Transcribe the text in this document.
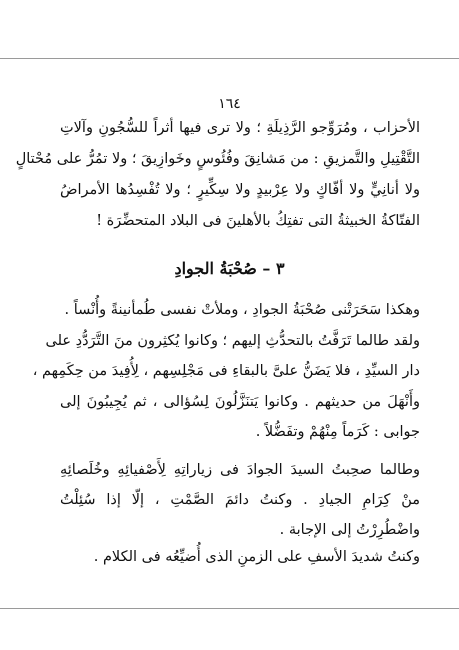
١٦٤
الأحزاب ، ومُرَوِّجو الرَّذِيلَةِ ؛ ولا ترى فيها أثراً للسُّجُونِ وآلاتِ
التَّقْتِيلِ والتَّمزيقِ : من مَشانِقَ وفُئُوسٍ وخَوازِيقَ ؛ ولا تمُرُّ على مُحْتالٍ
ولا أنانِيٍّ ولا أفّاكٍ ولا عِرْبيدٍ ولا سِكِّيرٍ ؛ ولا تُفْسِدُها الأمراضُ
الفتّاكةُ الخبيثةُ التى تفتِكُ بالأهلينَ فى البلاد المتحضِّرَة !
٣ – صُحْبَةُ الجوادِ
وهكذا سَحَرَتْنى صُحْبَةُ الجوادِ ، وملأتْ نفسى طُمأنينةً وأُنْساً .
ولقد طالما تَرَفَّتُ بالتحدُّثِ إليهم ؛ وكانوا يُكثِرون منَ التَّرَدُّدِ على
دار السيِّدِ ، فلا يَضَنُّ علىَّ بالبقاءِ فى مَجْلِسِهم ، لِأُفِيدَ من حِكَمِهم ،
وأَنْهَلَ من حديثهم . وكانوا يَتنَزَّلُونَ لِسُؤالى ، ثم يُجِيبُونَ إلى
جوابى : كَرَماً مِنْهُمْ وتفَضُّلاً .
وطالما صحِبتُ السيدَ الجوادَ فى زياراتِهِ لِأَصْفيائِهِ وخُلَصائِهِ
منْ كِرَامِ الجيادِ . وكنتُ دائمَ الصَّمْتِ ، إلّا إذا سُئِلْتُ
واضْطُرِرْتُ إلى الإجابة .
وكنتُ شديدَ الأسفِ على الزمنِ الذى أُضيِّعُه فى الكلام .
